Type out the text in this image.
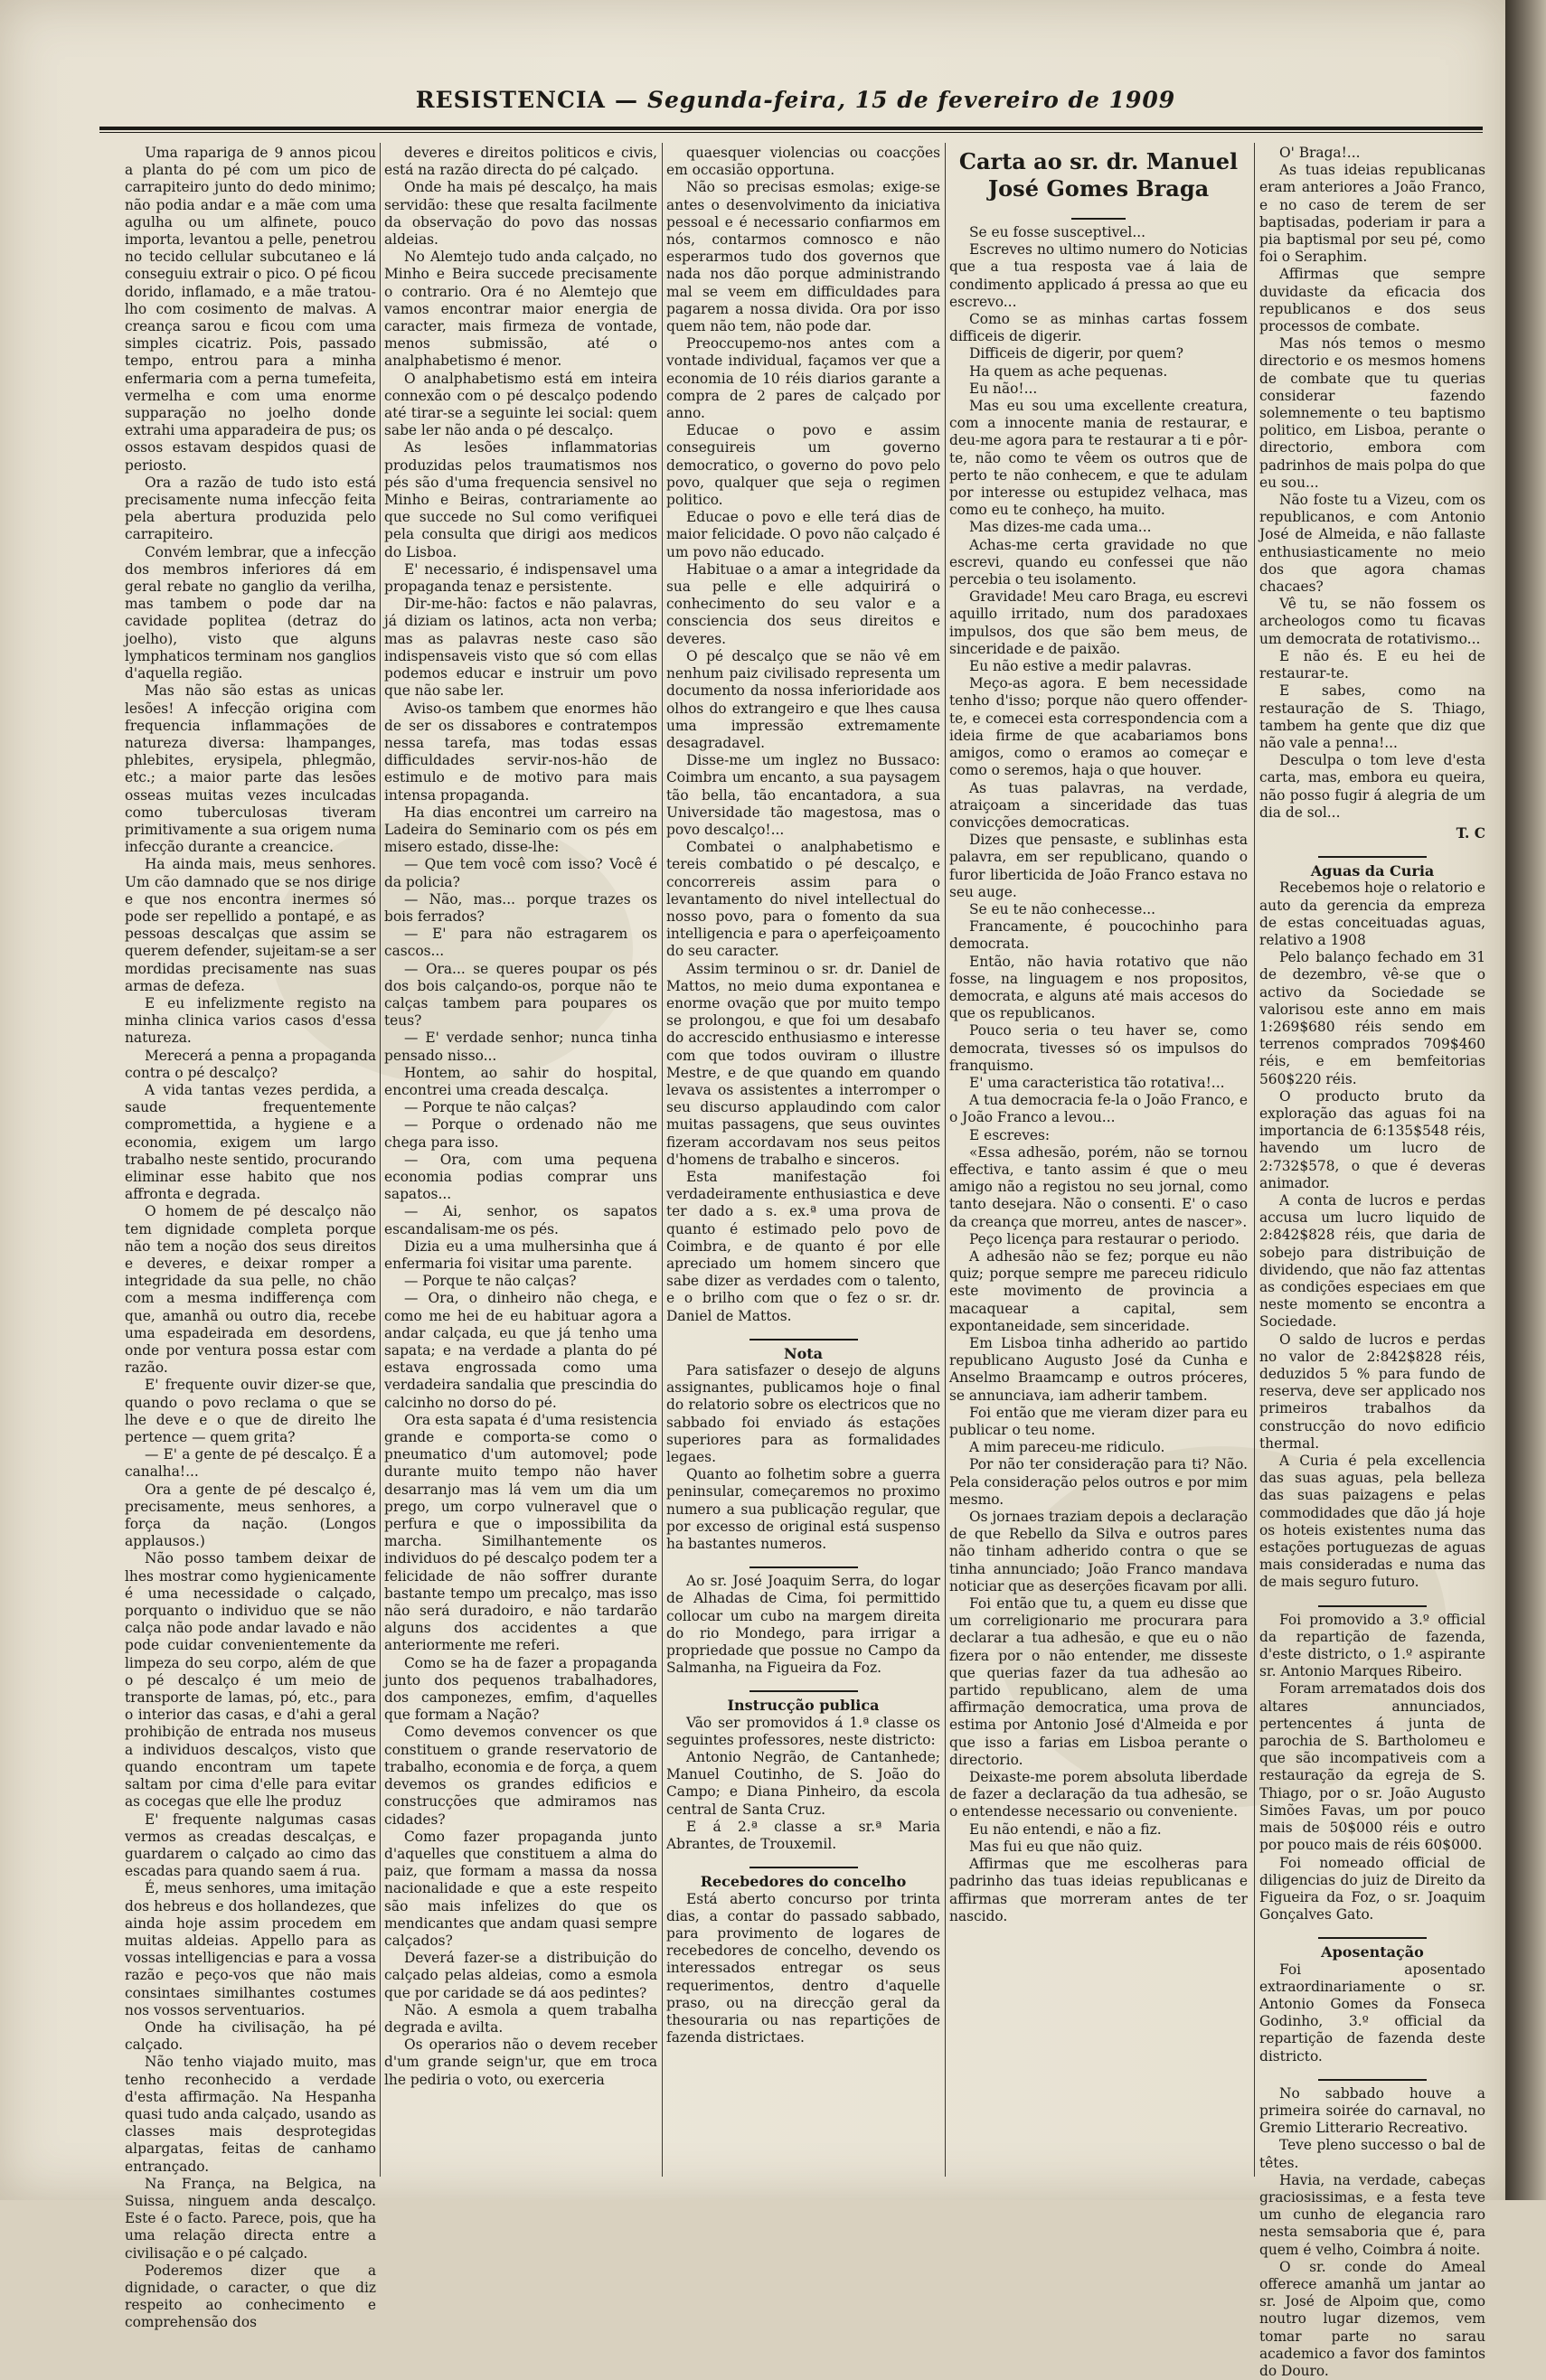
RESISTENCIA — Segunda-feira, 15 de fevereiro de 1909

Uma rapariga de 9 annos picou a planta do pé com um pico de carrapiteiro junto do dedo minimo; não podia andar e a mãe com uma agulha ou um alfinete, pouco importa, levantou a pelle, penetrou no tecido cellular subcutaneo e lá conseguiu extrair o pico. O pé ficou dorido, inflamado, e a mãe tratou-lho com cosimento de malvas. A creança sarou e ficou com uma simples cicatriz. Pois, passado tempo, entrou para a minha enfermaria com a perna tumefeita, vermelha e com uma enorme supparação no joelho donde extrahi uma apparadeira de pus; os ossos estavam despidos quasi de periosto.

Ora a razão de tudo isto está precisamente numa infecção feita pela abertura produzida pelo carrapiteiro.

Convém lembrar, que a infecção dos membros inferiores dá em geral rebate no ganglio da verilha, mas tambem o pode dar na cavidade poplitea (detraz do joelho), visto que alguns lymphaticos terminam nos ganglios d'aquella região.

Mas não são estas as unicas lesões! A infecção origina com frequencia inflammações de natureza diversa: lhampanges, phlebites, erysipela, phlegmão, etc.; a maior parte das lesões osseas muitas vezes inculcadas como tuberculosas tiveram primitivamente a sua origem numa infecção durante a creancice.

Ha ainda mais, meus senhores. Um cão damnado que se nos dirige e que nos encontra inermes só pode ser repellido a pontapé, e as pessoas descalças que assim se querem defender, sujeitam-se a ser mordidas precisamente nas suas armas de defeza.

E eu infelizmente registo na minha clinica varios casos d'essa natureza.

Merecerá a penna a propaganda contra o pé descalço?

A vida tantas vezes perdida, a saude frequentemente compromettida, a hygiene e a economia, exigem um largo trabalho neste sentido, procurando eliminar esse habito que nos affronta e degrada.

O homem de pé descalço não tem dignidade completa porque não tem a noção dos seus direitos e deveres, e deixar romper a integridade da sua pelle, no chão com a mesma indifferença com que, amanhã ou outro dia, recebe uma espadeirada em desordens, onde por ventura possa estar com razão.

E' frequente ouvir dizer-se que, quando o povo reclama o que se lhe deve e o que de direito lhe pertence — quem grita?

— E' a gente de pé descalço. É a canalha!...

Ora a gente de pé descalço é, precisamente, meus senhores, a força da nação. (Longos applausos.)

Não posso tambem deixar de lhes mostrar como hygienicamente é uma necessidade o calçado, porquanto o individuo que se não calça não pode andar lavado e não pode cuidar convenientemente da limpeza do seu corpo, além de que o pé descalço é um meio de transporte de lamas, pó, etc., para o interior das casas, e d'ahi a geral prohibição de entrada nos museus a individuos descalços, visto que quando encontram um tapete saltam por cima d'elle para evitar as cocegas que elle lhe produz

E' frequente nalgumas casas vermos as creadas descalças, e guardarem o calçado ao cimo das escadas para quando saem á rua.

É, meus senhores, uma imitação dos hebreus e dos hollandezes, que ainda hoje assim procedem em muitas aldeias. Appello para as vossas intelligencias e para a vossa razão e peço-vos que não mais consintaes similhantes costumes nos vossos serventuarios.

Onde ha civilisação, ha pé calçado.

Não tenho viajado muito, mas tenho reconhecido a verdade d'esta affirmação. Na Hespanha quasi tudo anda calçado, usando as classes mais desprotegidas alpargatas, feitas de canhamo entrançado.

Na França, na Belgica, na Suissa, ninguem anda descalço. Este é o facto. Parece, pois, que ha uma relação directa entre a civilisação e o pé calçado.

Poderemos dizer que a dignidade, o caracter, o que diz respeito ao conhecimento e comprehensão dos

deveres e direitos politicos e civis, está na razão directa do pé calçado.

Onde ha mais pé descalço, ha mais servidão: these que resalta facilmente da observação do povo das nossas aldeias.

No Alemtejo tudo anda calçado, no Minho e Beira succede precisamente o contrario. Ora é no Alemtejo que vamos encontrar maior energia de caracter, mais firmeza de vontade, menos submissão, até o analphabetismo é menor.

O analphabetismo está em inteira connexão com o pé descalço podendo até tirar-se a seguinte lei social: quem sabe ler não anda o pé descalço.

As lesões inflammatorias produzidas pelos traumatismos nos pés são d'uma frequencia sensivel no Minho e Beiras, contrariamente ao que succede no Sul como verifiquei pela consulta que dirigi aos medicos do Lisboa.

E' necessario, é indispensavel uma propaganda tenaz e persistente.

Dir-me-hão: factos e não palavras, já diziam os latinos, acta non verba; mas as palavras neste caso são indispensaveis visto que só com ellas podemos educar e instruir um povo que não sabe ler.

Aviso-os tambem que enormes hão de ser os dissabores e contratempos nessa tarefa, mas todas essas difficuldades servir-nos-hão de estimulo e de motivo para mais intensa propaganda.

Ha dias encontrei um carreiro na Ladeira do Seminario com os pés em misero estado, disse-lhe:

— Que tem você com isso? Você é da policia?

— Não, mas... porque trazes os bois ferrados?

— E' para não estragarem os cascos...

— Ora... se queres poupar os pés dos bois calçando-os, porque não te calças tambem para poupares os teus?

— E' verdade senhor; nunca tinha pensado nisso...

Hontem, ao sahir do hospital, encontrei uma creada descalça.

— Porque te não calças?

— Porque o ordenado não me chega para isso.

— Ora, com uma pequena economia podias comprar uns sapatos...

— Ai, senhor, os sapatos escandalisam-me os pés.

Dizia eu a uma mulhersinha que á enfermaria foi visitar uma parente.

— Porque te não calças?

— Ora, o dinheiro não chega, e como me hei de eu habituar agora a andar calçada, eu que já tenho uma sapata; e na verdade a planta do pé estava engrossada como uma verdadeira sandalia que prescindia do calcinho no dorso do pé.

Ora esta sapata é d'uma resistencia grande e comporta-se como o pneumatico d'um automovel; pode durante muito tempo não haver desarranjo mas lá vem um dia um prego, um corpo vulneravel que o perfura e que o impossibilita da marcha. Similhantemente os individuos do pé descalço podem ter a felicidade de não soffrer durante bastante tempo um precalço, mas isso não será duradoiro, e não tardarão alguns dos accidentes a que anteriormente me referi.

Como se ha de fazer a propaganda junto dos pequenos trabalhadores, dos camponezes, emfim, d'aquelles que formam a Nação?

Como devemos convencer os que constituem o grande reservatorio de trabalho, economia e de força, a quem devemos os grandes edificios e construcções que admiramos nas cidades?

Como fazer propaganda junto d'aquelles que constituem a alma do paiz, que formam a massa da nossa nacionalidade e que a este respeito são mais infelizes do que os mendicantes que andam quasi sempre calçados?

Deverá fazer-se a distribuição do calçado pelas aldeias, como a esmola que por caridade se dá aos pedintes?

Não. A esmola a quem trabalha degrada e avilta.

Os operarios não o devem receber d'um grande seign'ur, que em troca lhe pediria o voto, ou exerceria

quaesquer violencias ou coacções em occasião opportuna.

Não so precisas esmolas; exige-se antes o desenvolvimento da iniciativa pessoal e é necessario confiarmos em nós, contarmos comnosco e não esperarmos tudo dos governos que nada nos dão porque administrando mal se veem em difficuldades para pagarem a nossa divida. Ora por isso quem não tem, não pode dar.

Preoccupemo-nos antes com a vontade individual, façamos ver que a economia de 10 réis diarios garante a compra de 2 pares de calçado por anno.

Educae o povo e assim conseguireis um governo democratico, o governo do povo pelo povo, qualquer que seja o regimen politico.

Educae o povo e elle terá dias de maior felicidade. O povo não calçado é um povo não educado.

Habituae o a amar a integridade da sua pelle e elle adquirirá o conhecimento do seu valor e a consciencia dos seus direitos e deveres.

O pé descalço que se não vê em nenhum paiz civilisado representa um documento da nossa inferioridade aos olhos do extrangeiro e que lhes causa uma impressão extremamente desagradavel.

Disse-me um inglez no Bussaco: Coimbra um encanto, a sua paysagem tão bella, tão encantadora, a sua Universidade tão magestosa, mas o povo descalço!...

Combatei o analphabetismo e tereis combatido o pé descalço, e concorrereis assim para o levantamento do nivel intellectual do nosso povo, para o fomento da sua intelligencia e para o aperfeiçoamento do seu caracter.

Assim terminou o sr. dr. Daniel de Mattos, no meio duma expontanea e enorme ovação que por muito tempo se prolongou, e que foi um desabafo do accrescido enthusiasmo e interesse com que todos ouviram o illustre Mestre, e de que quando em quando levava os assistentes a interromper o seu discurso applaudindo com calor muitas passagens, que seus ouvintes fizeram accordavam nos seus peitos d'homens de trabalho e sinceros.

Esta manifestação foi verdadeiramente enthusiastica e deve ter dado a s. ex.ª uma prova de quanto é estimado pelo povo de Coimbra, e de quanto é por elle apreciado um homem sincero que sabe dizer as verdades com o talento, e o brilho com que o fez o sr. dr. Daniel de Mattos.

Nota

Para satisfazer o desejo de alguns assignantes, publicamos hoje o final do relatorio sobre os electricos que no sabbado foi enviado ás estações superiores para as formalidades legaes.

Quanto ao folhetim sobre a guerra peninsular, começaremos no proximo numero a sua publicação regular, que por excesso de original está suspenso ha bastantes numeros.

Ao sr. José Joaquim Serra, do logar de Alhadas de Cima, foi permittido collocar um cubo na margem direita do rio Mondego, para irrigar a propriedade que possue no Campo da Salmanha, na Figueira da Foz.

Instrucção publica

Vão ser promovidos á 1.ª classe os seguintes professores, neste districto:

Antonio Negrão, de Cantanhede; Manuel Coutinho, de S. João do Campo; e Diana Pinheiro, da escola central de Santa Cruz.

E á 2.ª classe a sr.ª Maria Abrantes, de Trouxemil.

Recebedores do concelho

Está aberto concurso por trinta dias, a contar do passado sabbado, para provimento de logares de recebedores de concelho, devendo os interessados entregar os seus requerimentos, dentro d'aquelle praso, ou na direcção geral da thesouraria ou nas repartições de fazenda districtaes.

Carta ao sr. dr. Manuel José Gomes Braga

Se eu fosse susceptivel...

Escreves no ultimo numero do Noticias que a tua resposta vae á laia de condimento applicado á pressa ao que eu escrevo...

Como se as minhas cartas fossem difficeis de digerir.

Difficeis de digerir, por quem?

Ha quem as ache pequenas.

Eu não!...

Mas eu sou uma excellente creatura, com a innocente mania de restaurar, e deu-me agora para te restaurar a ti e pôr-te, não como te vêem os outros que de perto te não conhecem, e que te adulam por interesse ou estupidez velhaca, mas como eu te conheço, ha muito.

Mas dizes-me cada uma...

Achas-me certa gravidade no que escrevi, quando eu confessei que não percebia o teu isolamento.

Gravidade! Meu caro Braga, eu escrevi aquillo irritado, num dos paradoxaes impulsos, dos que são bem meus, de sinceridade e de paixão.

Eu não estive a medir palavras.

Meço-as agora. E bem necessidade tenho d'isso; porque não quero offender-te, e comecei esta correspondencia com a ideia firme de que acabariamos bons amigos, como o eramos ao começar e como o seremos, haja o que houver.

As tuas palavras, na verdade, atraiçoam a sinceridade das tuas convicções democraticas.

Dizes que pensaste, e sublinhas esta palavra, em ser republicano, quando o furor liberticida de João Franco estava no seu auge.

Se eu te não conhecesse...

Francamente, é poucochinho para democrata.

Então, não havia rotativo que não fosse, na linguagem e nos propositos, democrata, e alguns até mais accesos do que os republicanos.

Pouco seria o teu haver se, como democrata, tivesses só os impulsos do franquismo.

E' uma caracteristica tão rotativa!...

A tua democracia fe-la o João Franco, e o João Franco a levou...

E escreves:

«Essa adhesão, porém, não se tornou effectiva, e tanto assim é que o meu amigo não a registou no seu jornal, como tanto desejara. Não o consenti. E' o caso da creança que morreu, antes de nascer».

Peço licença para restaurar o periodo.

A adhesão não se fez; porque eu não quiz; porque sempre me pareceu ridiculo este movimento de provincia a macaquear a capital, sem expontaneidade, sem sinceridade.

Em Lisboa tinha adherido ao partido republicano Augusto José da Cunha e Anselmo Braamcamp e outros próceres, se annunciava, iam adherir tambem.

Foi então que me vieram dizer para eu publicar o teu nome.

A mim pareceu-me ridiculo.

Por não ter consideração para ti? Não. Pela consideração pelos outros e por mim mesmo.

Os jornaes traziam depois a declaração de que Rebello da Silva e outros pares não tinham adherido contra o que se tinha annunciado; João Franco mandava noticiar que as deserções ficavam por alli.

Foi então que tu, a quem eu disse que um correligionario me procurara para declarar a tua adhesão, e que eu o não fizera por o não entender, me disseste que querias fazer da tua adhesão ao partido republicano, alem de uma affirmação democratica, uma prova de estima por Antonio José d'Almeida e por que isso a farias em Lisboa perante o directorio.

Deixaste-me porem absoluta liberdade de fazer a declaração da tua adhesão, se o entendesse necessario ou conveniente.

Eu não entendi, e não a fiz.

Mas fui eu que não quiz.

Affirmas que me escolheras para padrinho das tuas ideias republicanas e affirmas que morreram antes de ter nascido.

O' Braga!...

As tuas ideias republicanas eram anteriores a João Franco, e no caso de terem de ser baptisadas, poderiam ir para a pia baptismal por seu pé, como foi o Seraphim.

Affirmas que sempre duvidaste da eficacia dos republicanos e dos seus processos de combate.

Mas nós temos o mesmo directorio e os mesmos homens de combate que tu querias considerar fazendo solemnemente o teu baptismo politico, em Lisboa, perante o directorio, embora com padrinhos de mais polpa do que eu sou...

Não foste tu a Vizeu, com os republicanos, e com Antonio José de Almeida, e não fallaste enthusiasticamente no meio dos que agora chamas chacaes?

Vê tu, se não fossem os archeologos como tu ficavas um democrata de rotativismo...

E não és. E eu hei de restaurar-te.

E sabes, como na restauração de S. Thiago, tambem ha gente que diz que não vale a penna!...

Desculpa o tom leve d'esta carta, mas, embora eu queira, não posso fugir á alegria de um dia de sol...

T. C

Aguas da Curia

Recebemos hoje o relatorio e auto da gerencia da empreza de estas conceituadas aguas, relativo a 1908

Pelo balanço fechado em 31 de dezembro, vê-se que o activo da Sociedade se valorisou este anno em mais 1:269$680 réis sendo em terrenos comprados 709$460 réis, e em bemfeitorias 560$220 réis.

O producto bruto da exploração das aguas foi na importancia de 6:135$548 réis, havendo um lucro de 2:732$578, o que é deveras animador.

A conta de lucros e perdas accusa um lucro liquido de 2:842$828 réis, que daria de sobejo para distribuição de dividendo, que não faz attentas as condições especiaes em que neste momento se encontra a Sociedade.

O saldo de lucros e perdas no valor de 2:842$828 réis, deduzidos 5 % para fundo de reserva, deve ser applicado nos primeiros trabalhos da construcção do novo edificio thermal.

A Curia é pela excellencia das suas aguas, pela belleza das suas paizagens e pelas commodidades que dão já hoje os hoteis existentes numa das estações portuguezas de aguas mais consideradas e numa das de mais seguro futuro.

Foi promovido a 3.º official da repartição de fazenda, d'este districto, o 1.º aspirante sr. Antonio Marques Ribeiro.

Foram arrematados dois dos altares annunciados, pertencentes á junta de parochia de S. Bartholomeu e que são incompativeis com a restauração da egreja de S. Thiago, por o sr. João Augusto Simões Favas, um por pouco mais de 50$000 réis e outro por pouco mais de réis 60$000.

Foi nomeado official de diligencias do juiz de Direito da Figueira da Foz, o sr. Joaquim Gonçalves Gato.

Aposentação

Foi aposentado extraordinariamente o sr. Antonio Gomes da Fonseca Godinho, 3.º official da repartição de fazenda deste districto.

No sabbado houve a primeira soirée do carnaval, no Gremio Litterario Recreativo.

Teve pleno successo o bal de têtes.

Havia, na verdade, cabeças graciosissimas, e a festa teve um cunho de elegancia raro nesta semsaboria que é, para quem é velho, Coimbra á noite.

O sr. conde do Ameal offerece amanhã um jantar ao sr. José de Alpoim que, como noutro lugar dizemos, vem tomar parte no sarau academico a favor dos famintos do Douro.
